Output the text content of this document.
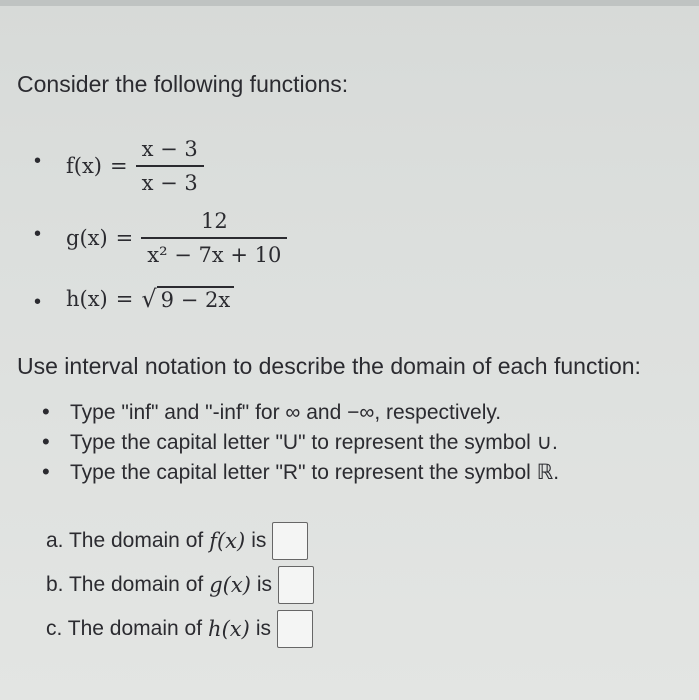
Consider the following functions:
• $f(x) = \frac{x - 3}{x - 3}$
• $g(x) = \frac{12}{\text{x² − 7x + 10}}$
• h(x) = √ 9 − 2x
Use interval notation to describe the domain of each function:
• Type "inf" and "-inf" for ∞ and −∞, respectively.
• Type the capital letter "U" to represent the symbol ∪.
• Type the capital letter "R" to represent the symbol ℝ.
a. The domain of f(x) is
b. The domain of g(x) is
c. The domain of h(x) is
